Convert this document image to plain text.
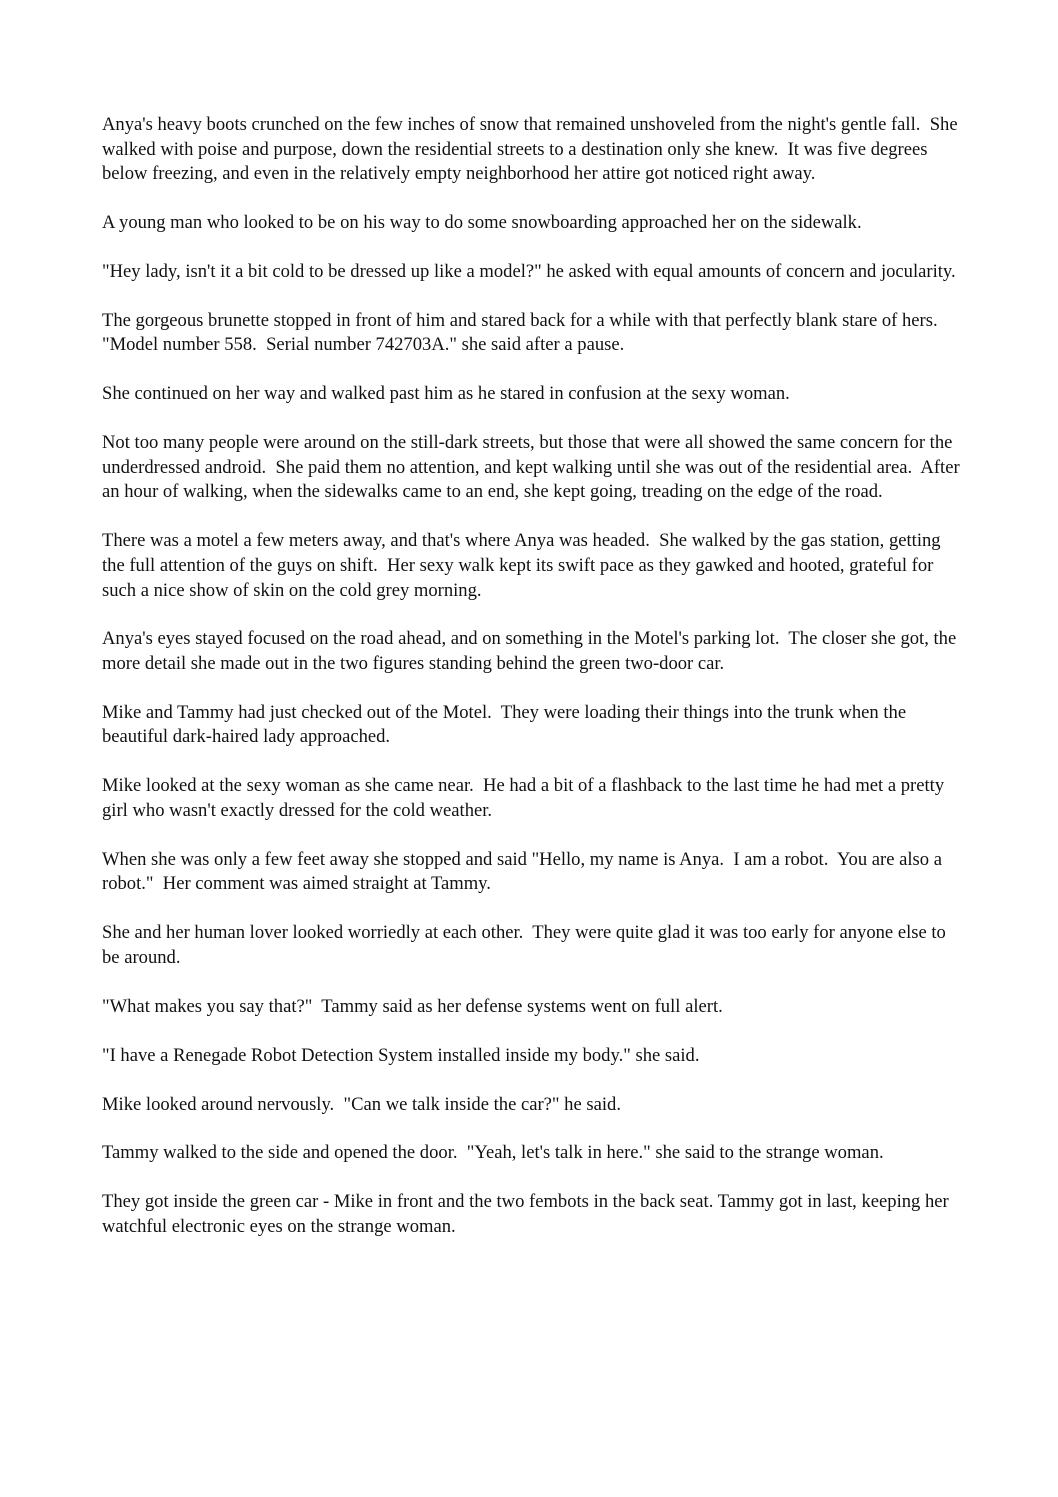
Anya's heavy boots crunched on the few inches of snow that remained unshoveled from the night's gentle fall.  She walked with poise and purpose, down the residential streets to a destination only she knew.  It was five degrees below freezing, and even in the relatively empty neighborhood her attire got noticed right away.

A young man who looked to be on his way to do some snowboarding approached her on the sidewalk.

"Hey lady, isn't it a bit cold to be dressed up like a model?" he asked with equal amounts of concern and jocularity.

The gorgeous brunette stopped in front of him and stared back for a while with that perfectly blank stare of hers.  "Model number 558.  Serial number 742703A." she said after a pause.

She continued on her way and walked past him as he stared in confusion at the sexy woman.

Not too many people were around on the still-dark streets, but those that were all showed the same concern for the underdressed android.  She paid them no attention, and kept walking until she was out of the residential area.  After an hour of walking, when the sidewalks came to an end, she kept going, treading on the edge of the road.

There was a motel a few meters away, and that's where Anya was headed.  She walked by the gas station, getting the full attention of the guys on shift.  Her sexy walk kept its swift pace as they gawked and hooted, grateful for such a nice show of skin on the cold grey morning.

Anya's eyes stayed focused on the road ahead, and on something in the Motel's parking lot.  The closer she got, the more detail she made out in the two figures standing behind the green two-door car.

Mike and Tammy had just checked out of the Motel.  They were loading their things into the trunk when the beautiful dark-haired lady approached.

Mike looked at the sexy woman as she came near.  He had a bit of a flashback to the last time he had met a pretty girl who wasn't exactly dressed for the cold weather.

When she was only a few feet away she stopped and said "Hello, my name is Anya.  I am a robot.  You are also a robot."  Her comment was aimed straight at Tammy.

She and her human lover looked worriedly at each other.  They were quite glad it was too early for anyone else to be around.

"What makes you say that?"  Tammy said as her defense systems went on full alert.

"I have a Renegade Robot Detection System installed inside my body." she said.

Mike looked around nervously.  "Can we talk inside the car?" he said.

Tammy walked to the side and opened the door.  "Yeah, let's talk in here." she said to the strange woman.

They got inside the green car - Mike in front and the two fembots in the back seat. Tammy got in last, keeping her watchful electronic eyes on the strange woman.
